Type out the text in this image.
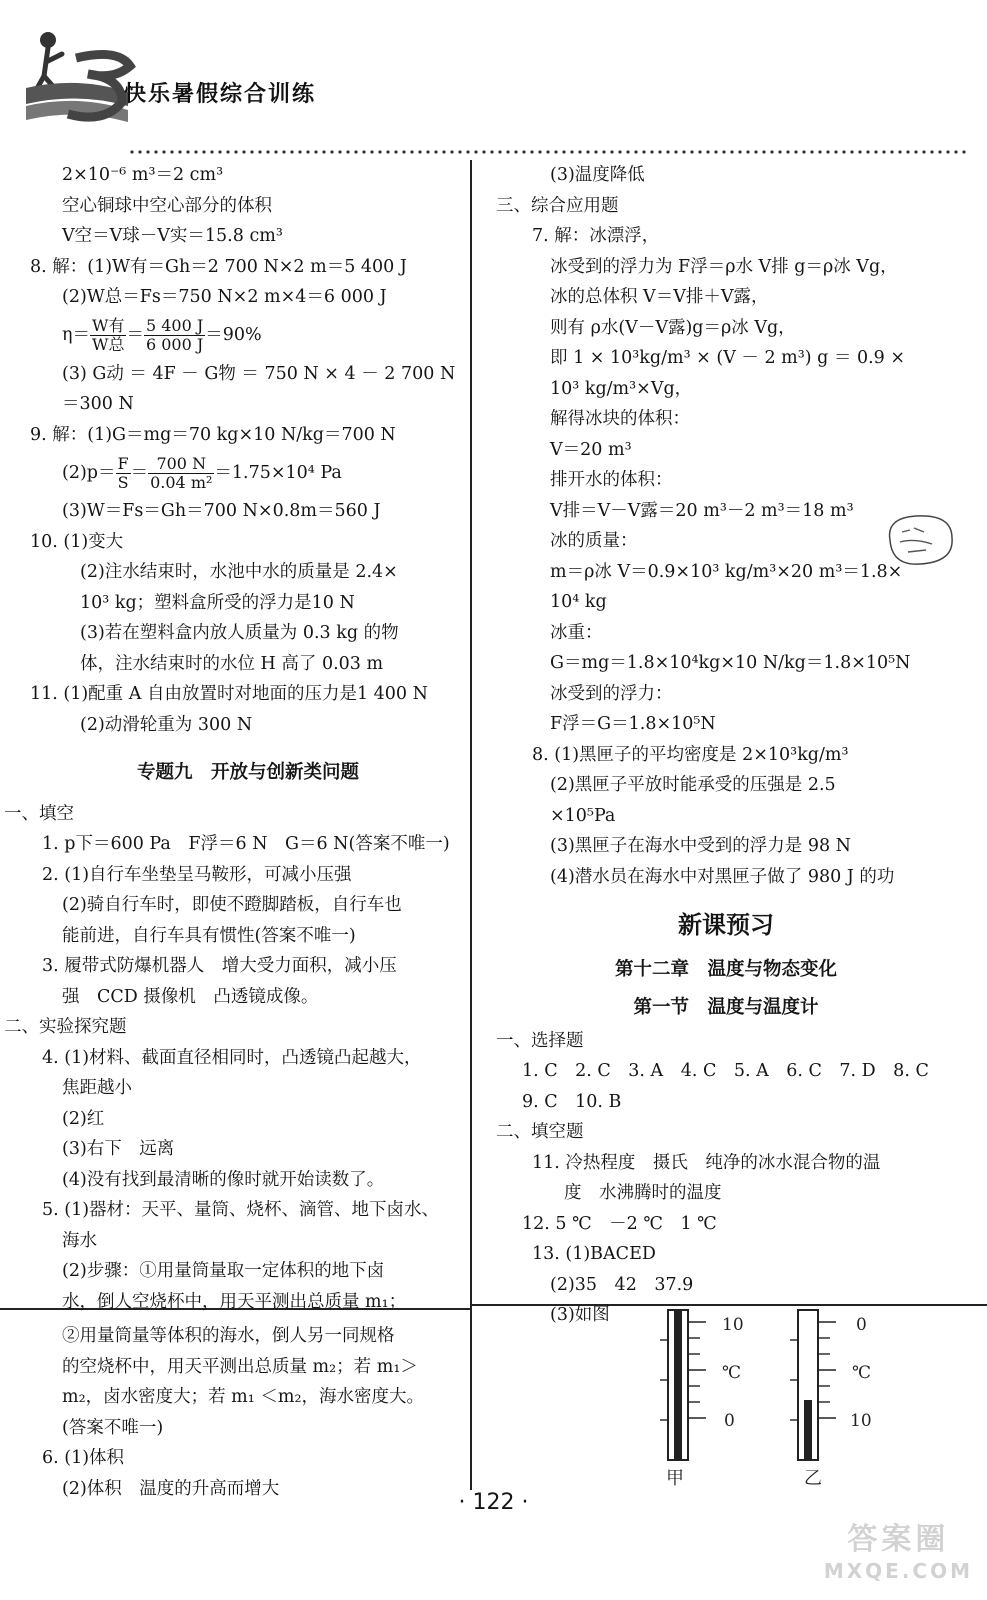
快乐暑假综合训练
2×10⁻⁶ m³＝2 cm³
空心铜球中空心部分的体积
V空＝V球－V实＝15.8 cm³
8. 解：(1)W有＝Gh＝2 700 N×2 m＝5 400 J
(2)W总＝Fs＝750 N×2 m×4＝6 000 J
$\eta= \frac{\text{W有}}{\text{W总}} = \frac{5 400 J}{6 000 J} =90\%$
(3) G动 ＝ 4F － G物 ＝ 750 N × 4 － 2 700 N
＝300 N
9. 解：(1)G＝mg＝70 kg×10 N/kg＝700 N
$(2)p= \frac{F}{S} = \frac{700 N}{\text{0.04 m²}} =1.75\times 10^4$ Pa
(3)W＝Fs＝Gh＝700 N×0.8m＝560 J
10. (1)变大
(2)注水结束时，水池中水的质量是 2.4×
10³ kg；塑料盒所受的浮力是10 N
(3)若在塑料盒内放人质量为 0.3 kg 的物
体，注水结束时的水位 H 高了 0.03 m
11. (1)配重 A 自由放置时对地面的压力是1 400 N
(2)动滑轮重为 300 N
专题九　开放与创新类问题
一、填空
1. p下＝600 Pa　F浮＝6 N　G＝6 N(答案不唯一)
2. (1)自行车坐垫呈马鞍形，可减小压强
(2)骑自行车时，即使不蹬脚踏板，自行车也
能前进，自行车具有惯性(答案不唯一)
3. 履带式防爆机器人　增大受力面积，减小压
强　CCD 摄像机　凸透镜成像。
二、实验探究题
4. (1)材料、截面直径相同时，凸透镜凸起越大，
焦距越小
(2)红
(3)右下　远离
(4)没有找到最清晰的像时就开始读数了。
5. (1)器材：天平、量筒、烧杯、滴管、地下卤水、
海水
(2)步骤：①用量筒量取一定体积的地下卤
水，倒人空烧杯中，用天平测出总质量 m₁；
②用量筒量等体积的海水，倒人另一同规格
的空烧杯中，用天平测出总质量 m₂；若 m₁＞
m₂，卤水密度大；若 m₁ ＜m₂，海水密度大。
(答案不唯一)
6. (1)体积
(2)体积　温度的升高而增大
(3)温度降低
三、综合应用题
7. 解：冰漂浮，
冰受到的浮力为 F浮＝ρ水 V排 g＝ρ冰 Vg，
冰的总体积 V＝V排＋V露，
则有 ρ水(V－V露)g＝ρ冰 Vg，
即 1 × 10³kg/m³ × (V － 2 m³) g ＝ 0.9 ×
10³ kg/m³×Vg，
解得冰块的体积：
V＝20 m³
排开水的体积：
V排＝V－V露＝20 m³－2 m³＝18 m³
冰的质量：
m＝ρ冰 V＝0.9×10³ kg/m³×20 m³＝1.8×
10⁴ kg
冰重：
G＝mg＝1.8×10⁴kg×10 N/kg＝1.8×10⁵N
冰受到的浮力：
F浮＝G＝1.8×10⁵N
8. (1)黑匣子的平均密度是 2×10³kg/m³
(2)黑匣子平放时能承受的压强是 2.5
×10⁵Pa
(3)黑匣子在海水中受到的浮力是 98 N
(4)潜水员在海水中对黑匣子做了 980 J 的功
新课预习
第十二章　温度与物态变化
第一节　温度与温度计
一、选择题
1. C　2. C　3. A　4. C　5. A　6. C　7. D　8. C
9. C　10. B
二、填空题
11. 冷热程度　摄氏　纯净的冰水混合物的温
度　水沸腾时的温度
12. 5 ℃　－2 ℃　1 ℃
13. (1)BACED
(2)35　42　37.9
(3)如图	10
℃
0
甲
0
℃
10
乙
· 122 ·
答案圈
MXQE.COM
